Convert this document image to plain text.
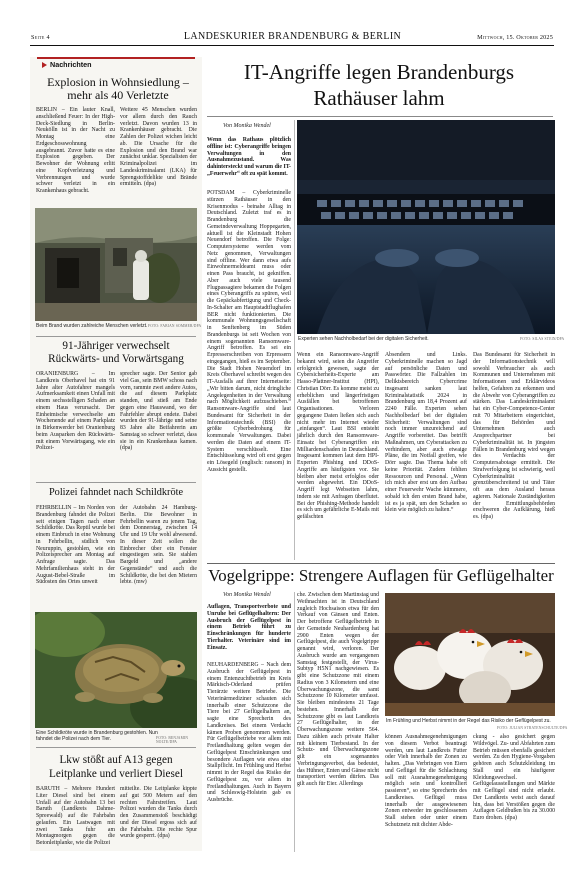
Seite 4	LANDESKURIER BRANDENBURG & BERLIN	Mittwoch, 15. Oktober 2025
Nachrichten
Explosion in Wohnsiedlung – mehr als 40 Verletzte

BERLIN – Ein lauter Knall, anschließend Feuer: In der High-Deck-Siedlung in Berlin-Neukölln ist in der Nacht zu Montag eine Erdgeschosswohnung ausgebrannt. Zuvor hatte es eine Explosion gegeben. Der Bewohner der Wohnung erlitt eine Kopfverletzung und Verbrennungen und wurde schwer verletzt in ein Krankenhaus gebracht.

Weitere 45 Menschen wurden vor allem durch den Rauch verletzt. Davon wurden 13 in Krankenhäuser gebracht. Die Zahlen der Polizei wichen leicht ab. Die Ursache für die Explosion und den Brand war zunächst unklar. Spezialisten der Kriminalpolizei im Landeskriminalamt (LKA) für Sprengstoffdelikte und Brände ermitteln. (dpa)

Beim Brand wurden zahlreiche Menschen verletzt. FOTO: FABIAN SOMMER/DPA
91-Jähriger verwechselt Rückwärts- und Vorwärtsgang

ORANIENBURG – Im Landkreis Oberhavel hat ein 91 Jahre alter Autofahrer mangels Aufmerksamkeit einen Unfall mit einem sechsstelligen Schaden an einem Haus verursacht. Der Einheimische verwechselte am Wochenende auf einem Parkplatz in Birkenwerder bei Oranienburg beim Ausparken den Rückwärts- mit einem Vorwärtsgang, wie ein Polizei-

sprecher sagte. Der Senior gab viel Gas, sein BMW schoss nach vorn, rammte zwei andere Autos, die auf diesem Parkplatz standen, und stieß am Ende gegen eine Hauswand, wo der Fahrfehler abrupt endete. Dabei wurden der 91-Jährige und seine 83 Jahre alte Beifahrerin am Samstag so schwer verletzt, dass sie in ein Krankenhaus kamen. (dpa)

Polizei fahndet nach Schildkröte

FEHRBELLIN – Im Norden von Brandenburg fahndet die Polizei seit einigen Tagen nach einer Schildkröte. Das Reptil wurde bei einem Einbruch in eine Wohnung in Fehrbellin, südlich von Neuruppin, gestohlen, wie ein Polizeisprecher am Montag auf Anfrage sagte. Das Mehrfamilienhaus steht in der August-Bebel-Straße im Südosten des Ortes unweit

der Autobahn 24 Hamburg-Berlin. Die Bewohner in Fehrbellin waren zu jenem Tag, dem Donnerstag, zwischen 14 Uhr und 19 Uhr wohl abwesend. In dieser Zeit sollen die Einbrecher über ein Fenster eingestiegen sein. Sie stahlen Bargeld und „andere Gegenstände“ und auch die Schildkröte, die bei den Mietern lebte. (mw)

Eine Schildkröte wurde in Brandenburg gestohlen. Nun fahndet die Polizei nach dem Tier.	FOTO: BENJAMIN NOLTE/DPA
Lkw stößt auf A13 gegen Leitplanke und verliert Diesel

BARUTH – Mehrere Hundert Liter Diesel sind bei einem Unfall auf der Autobahn 13 bei Baruth (Landkreis Dahme-Spreewald) auf die Fahrbahn gelaufen. Ein Lastwagen mit zwei Tanks fuhr am Montagmorgen gegen die Betonleitplanke, wie die Polizei

mitteilte. Die Leitplanke kippte auf gut 500 Metern auf den rechten Fahrstreifen. Laut Polizei wurden die Tanks durch den Zusammenstoß beschädigt und der Diesel ergoss sich auf die Fahrbahn. Die rechte Spur wurde gesperrt. (dpa)

IT-Angriffe legen Brandenburgs Rathäuser lahm
Von Monika Wendel

Wenn das Rathaus plötzlich offline ist: Cyberangriffe bringen Verwaltungen in den Ausnahmezustand. Was dahintersteckt und warum die IT-„Feuerwehr“ oft zu spät kommt.

POTSDAM – Cyberkriminelle stürzen Rathäuser in den Krisenmodus - beinahe Alltag in Deutschland. Zuletzt traf es in Brandenburg die Gemeindeverwaltung Hoppegarten, aktuell ist die Kleinstadt Hohen Neuendorf betroffen. Die Folge: Computersysteme werden vom Netz genommen, Verwaltungen sind offline. Wer dann etwa aufs Einwohnermeldeamt muss oder einen Pass braucht, ist gekniffen. Aber auch viele tausend Flugpassagiere bekamen die Folgen eines Cyberangriffs zu spüren, weil die Gepäckabfertigung und Check-In-Schalter am Hauptstadtflughafen BER nicht funktionierten. Die kommunale Wohnungsgesellschaft in Senftenberg im Süden Brandenburgs ist seit Wochen von einem sogenannten Ransomware-Angriff betroffen. Es sei ein Erpresserschreiben von Erpressern eingegangen, hieß es im September. Die Stadt Hohen Neuendorf im Kreis Oberhavel schreibt wegen des IT-Ausfalls auf ihrer Internetseite: „Wir bitten darum, nicht dringliche Angelegenheiten in der Verwaltung nach Möglichkeit aufzuschieben.“ Ransomware-Angriffe sind laut Bundesamt für Sicherheit in der Informationstechnik (BSI) die größte Cyberbedrohung für kommunale Verwaltungen. Dabei werden die Daten auf einem IT-System verschlüsselt. Eine Entschlüsselung wird oft erst gegen ein Lösegeld (englisch: ransom) in Aussicht gestellt.

Experten sehen Nachholbedarf bei der digitalen Sicherheit.	FOTO: SILAS STEIN/DPA

Wenn ein Ransomware-Angriff bekannt wird, seien die Angreifer erfolgreich gewesen, sagte der Cybersicherheits-Experte am Hasso-Plattner-Institut (HPI), Christian Dörr. Es komme meist zu erheblichen und längerfristigen Ausfällen bei betroffenen Organisationen. Verloren gegangene Daten ließen sich auch nicht mehr im Internet wieder „einfangen“. Laut BSI entsteht jährlich durch den Ransomware-Einsatz bei Cyberangriffen ein Milliardenschaden in Deutschland. Insgesamt kommen laut dem HPI-Experten Phishing und DDoS-Angriffe am häufigsten vor. Sie bleiben aber meist erfolglos oder werden abgewehrt. Ein DDoS-Angriff legt Webseiten lahm, indem sie mit Anfragen überflutet. Bei der Phishing-Methode handelt es sich um gefährliche E-Mails mit gefälschten

Absendern und Links. Cyberkriminelle machen so Jagd auf persönliche Daten und Passwörter. Die Fallzahlen im Deliktsbereich Cybercrime insgesamt sanken laut Kriminalstatistik 2024 in Brandenburg um 18,4 Prozent auf 2240 Fälle. Experten sehen Nachholbedarf bei der digitalen Sicherheit: Verwaltungen sind noch immer unzureichend auf Angriffe vorbereitet. Das betrifft Maßnahmen, um Cyberattacken zu verhindern, aber auch etwaige Pläne, die im Notfall greifen, wie Dörr sagte. Das Thema habe oft keine Priorität. Zudem fehlten Ressourcen und Personal. „Wenn ich mich aber erst um den Aufbau einer Feuerwehr Wache kümmere, sobald ich den ersten Brand habe, ist es ja spät, um den Schaden so klein wie möglich zu halten.“

Das Bundesamt für Sicherheit in der Informationstechnik will sowohl Verbraucher als auch Kommunen und Unternehmen mit Informationen und Erklärvideos helfen, Gefahren zu erkennen und die Abwehr von Cyberangriffen zu stärken. Das Landeskriminalamt hat ein Cyber-Competence-Center mit 70 Mitarbeitern eingerichtet, das für Behörden und Unternehmen auch Ansprechpartner bei Cyberkriminalität ist. In jüngsten Fällen in Brandenburg wird wegen des Verdachts der Computersabotage ermittelt. Die Strafverfolgung ist schwierig, weil Cyberkriminalität grenzüberschreitend ist und Täter oft aus dem Ausland heraus agieren. Nationale Zuständigkeiten der Ermittlungsbehörden erschweren die Aufklärung, hieß es. (dpa)

Vogelgrippe: Strengere Auflagen für Geflügelhalter
Von Monika Wendel

Auflagen, Transportverbote und Unruhe bei Geflügelhaltern: Der Ausbruch der Geflügelpest in einem Betrieb führt zu Einschränkungen für hunderte Tierhalter. Veterinäre sind im Einsatz.

NEUHARDENBERG – Nach dem Ausbruch der Geflügelpest in einem Entenzuchtbetrieb im Kreis Märkisch-Oderland prüfen Tierärzte weitere Betriebe. Die Veterinärmediziner schauten sich innerhalb einer Schutzzone die Tiere bei 27 Geflügelhaltern an, sagte eine Sprecherin des Landkreises. Bei einem Verdacht kämen Proben genommen werden. Für Geflügelbetriebe vor allem mit Freilandhaltung gelten wegen der Geflügelpest Einschränkungen und besondere Auflagen wie etwa eine Stallpflicht. Im Frühling und Herbst nimmt in der Regel das Risiko der Geflügelpest zu, vor allem in Freilandhaltungen. Auch in Bayern und Schleswig-Holstein gab es Ausbrüche.

che. Zwischen dem Martinstag und Weihnachten ist in Deutschland zugleich Hochsaison etwa für den Verkauf von Gänsen und Enten. Der betroffene Geflügelbetrieb in der Gemeinde Neuhardenberg hat 2900 Enten wegen der Geflügelpest, die auch Vogelgrippe genannt wird, verloren. Der Ausbruch wurde am vergangenen Samstag festgestellt, der Virus-Subtyp H5N1 nachgewiesen. Es gibt eine Schutzzone mit einem Radius von 3 Kilometern und eine Überwachungszone, die samt Schutzzone 10 Kilometer umfasst. Sie bleiben mindestens 21 Tage bestehen. Innerhalb der Schutzzone gibt es laut Landkreis 27 Geflügelhalter, in der Überwachungszone weitere 564. Dazu zählen auch private Halter mit kleinem Tierbestand. In der Schutz- und Überwachungszone gilt ein sogenanntes Verbringungsverbot, das bedeutet, das Hühner, Enten und Gänse nicht transportiert werden dürfen. Das gilt auch für Eier. Allerdings

Im Frühling und Herbst nimmt in der Regel das Risiko der Geflügelpest zu.
FOTO: JULIAN STRATENSCHULTE/DPA

können Ausnahmegenehmigungen von diesem Verbot beantragt werden, um laut Landkreis Futter oder Vieh innerhalb der Zonen zu halten. „Das Verbringen von Eiern und Geflügel für die Schlachtung soll mit Ausnahmegenehmigung möglich sein und kontrolliert passieren“, so eine Sprecherin des Landkreises. Geflügel muss innerhalb der ausgewiesenen Zonen entweder im geschlossenen Stall stehen oder unter einem Schutznetz mit dichter Abde-

ckung - also gesichert gegen Wildvögel. Zu- und Abfahrten zum Betrieb müssen ebenfalls gesichert werden. Zu den Hygiene-Vorgaben gehören auch Schutzkleidung im Stall und ein häufigerer Kleidungswechsel. Geflügelausstellungen und Märkte mit Geflügel sind nicht erlaubt. Der Landkreis weist auch darauf hin, dass bei Verstößen gegen die Auflagen Geldbußen bis zu 30.000 Euro drohen. (dpa)
